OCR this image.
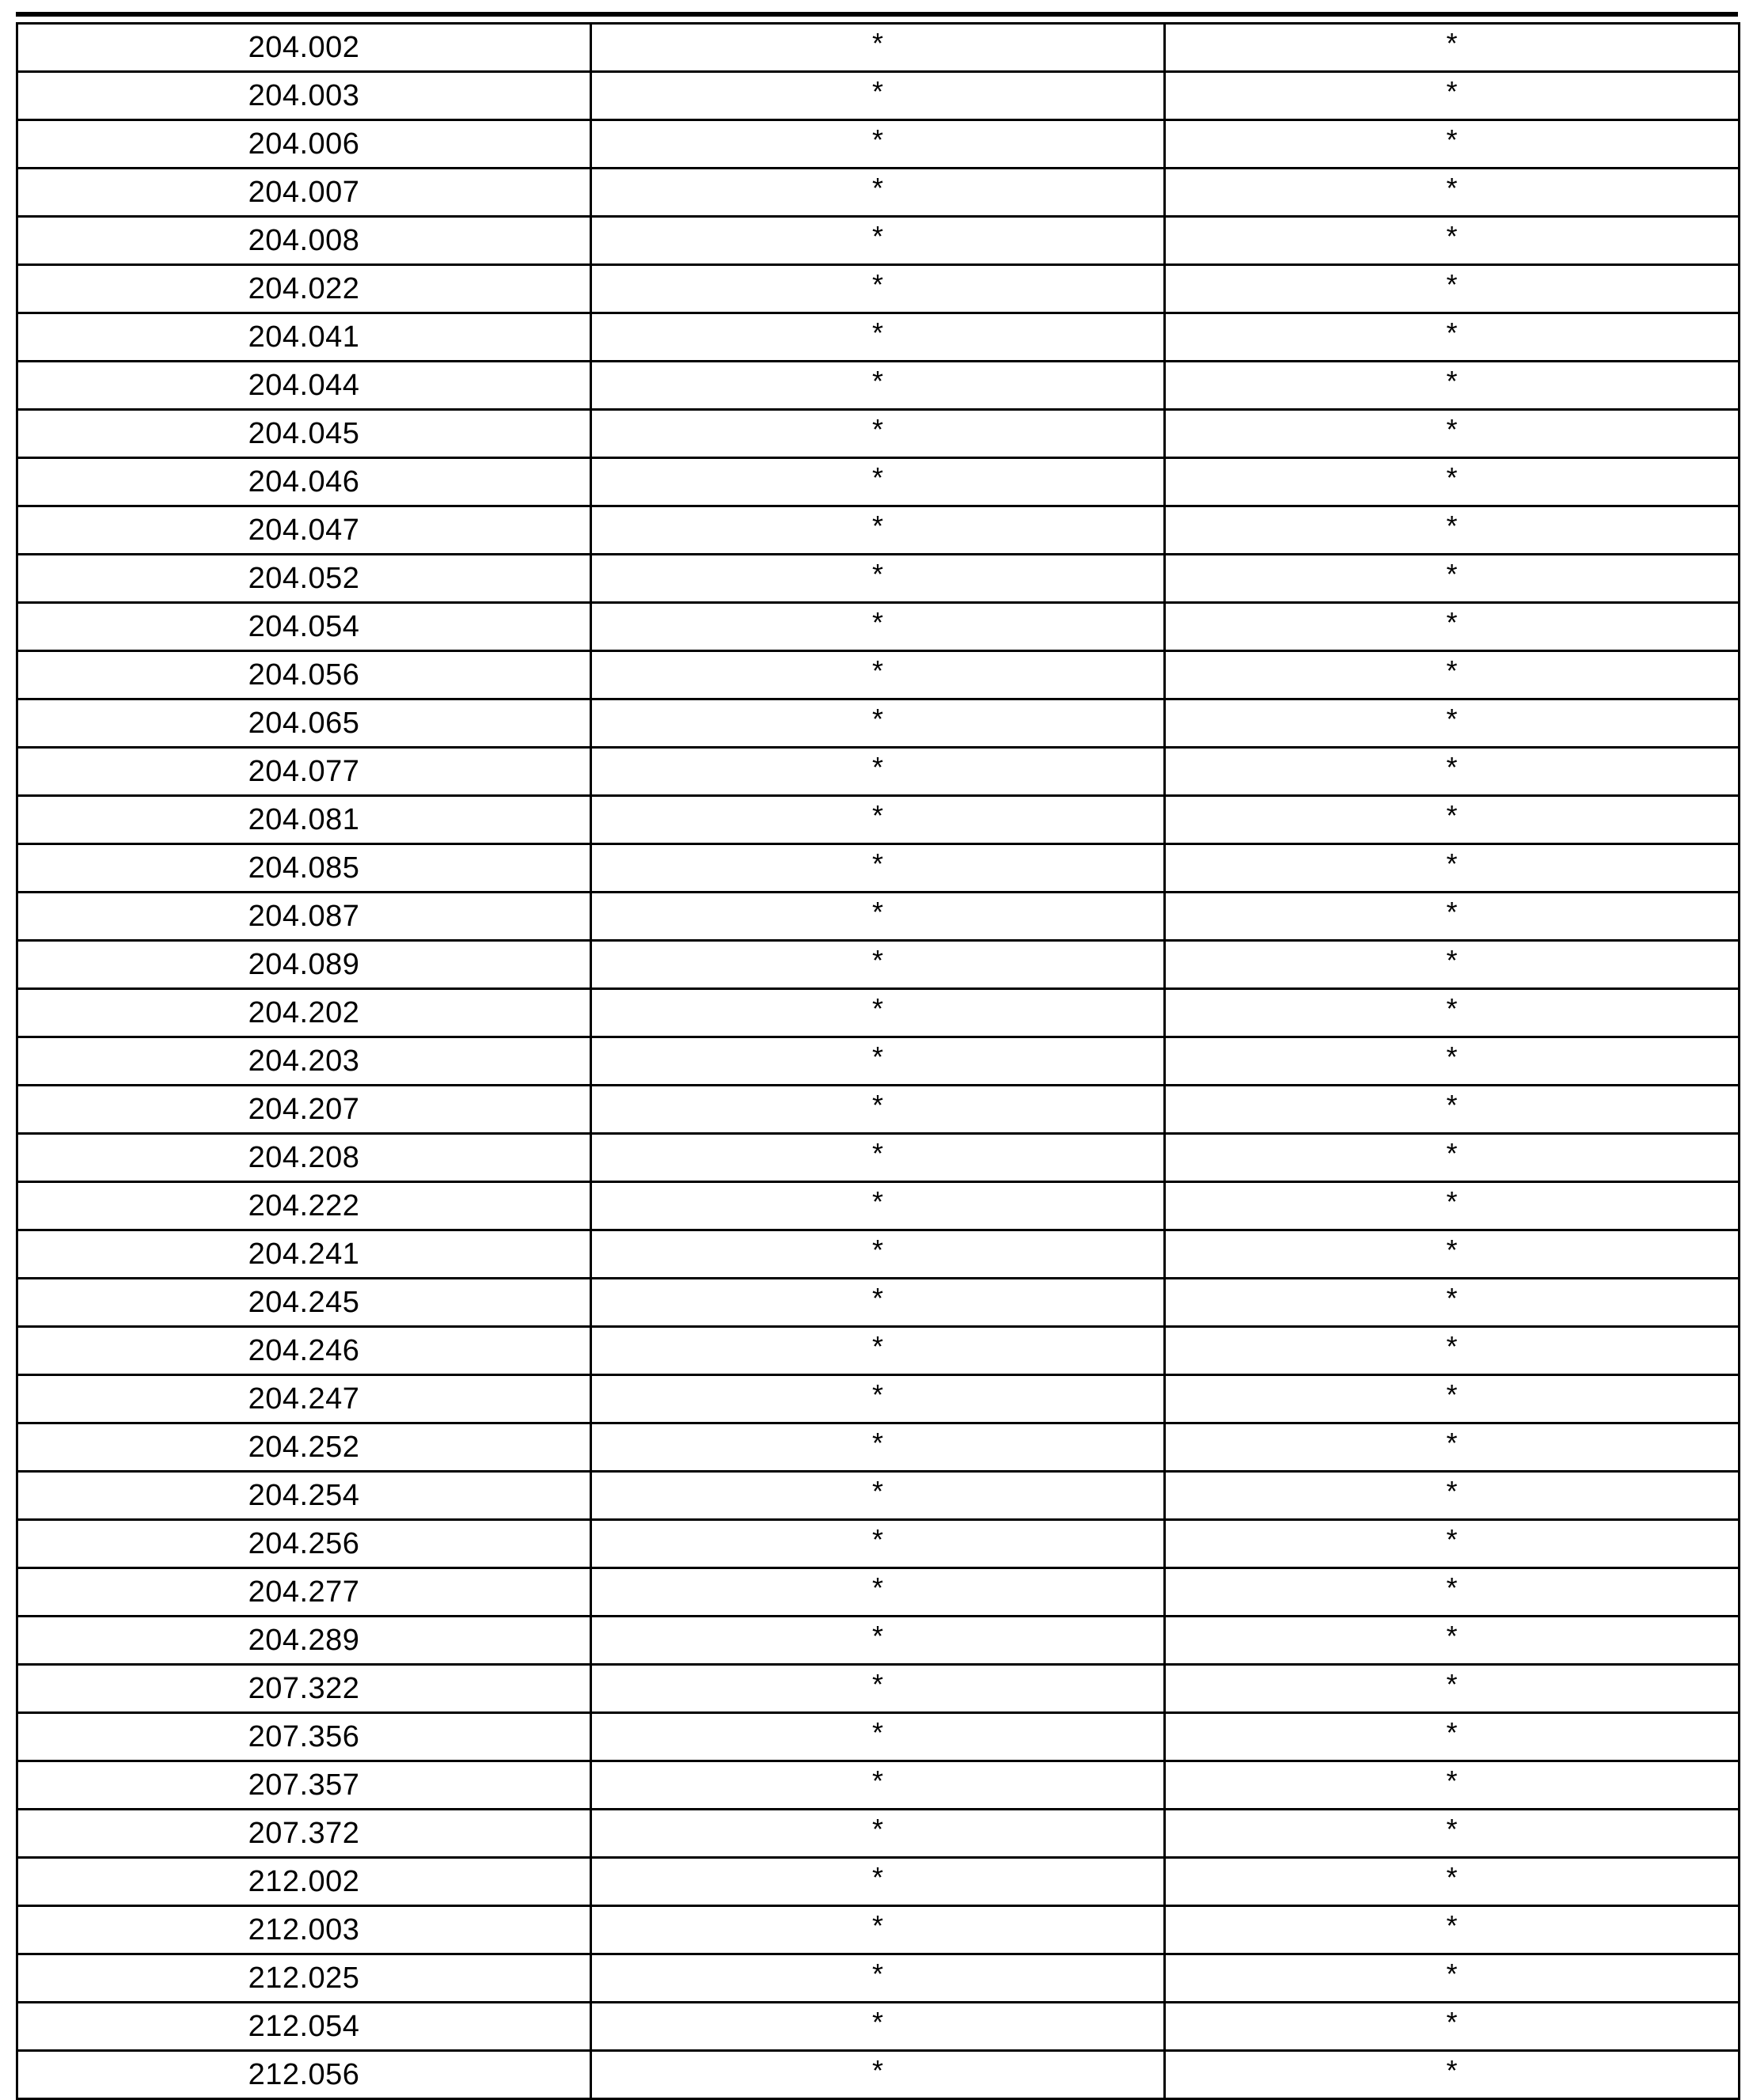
204.002	*	*
204.003	*	*
204.006	*	*
204.007	*	*
204.008	*	*
204.022	*	*
204.041	*	*
204.044	*	*
204.045	*	*
204.046	*	*
204.047	*	*
204.052	*	*
204.054	*	*
204.056	*	*
204.065	*	*
204.077	*	*
204.081	*	*
204.085	*	*
204.087	*	*
204.089	*	*
204.202	*	*
204.203	*	*
204.207	*	*
204.208	*	*
204.222	*	*
204.241	*	*
204.245	*	*
204.246	*	*
204.247	*	*
204.252	*	*
204.254	*	*
204.256	*	*
204.277	*	*
204.289	*	*
207.322	*	*
207.356	*	*
207.357	*	*
207.372	*	*
212.002	*	*
212.003	*	*
212.025	*	*
212.054	*	*
212.056	*	*
